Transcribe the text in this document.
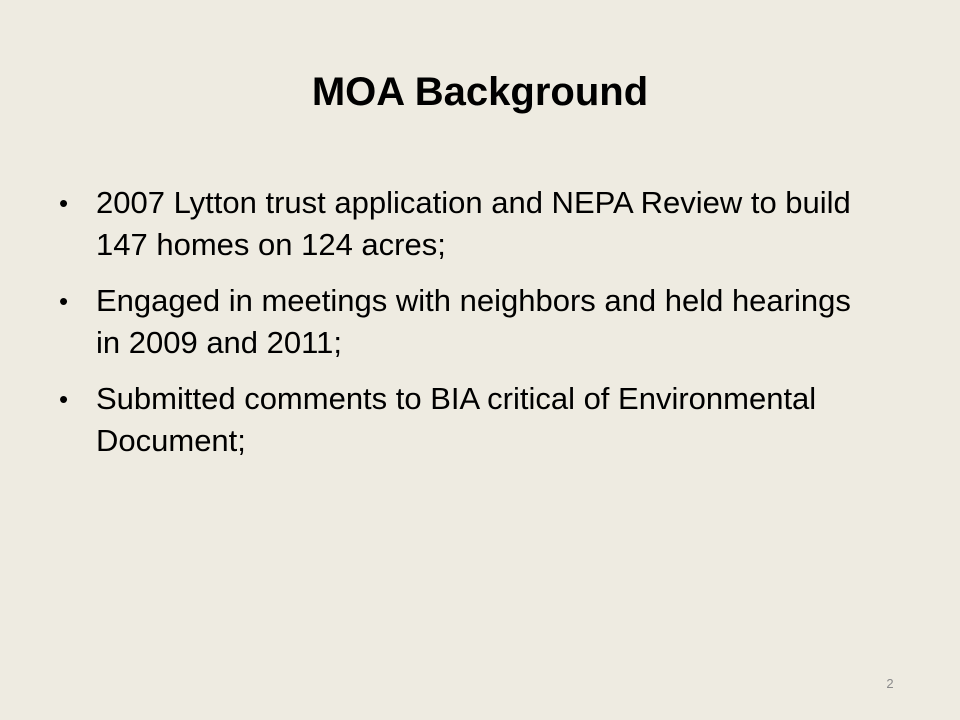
MOA Background
• 2007 Lytton trust application and NEPA Review to build 147 homes on 124 acres;
• Engaged in meetings with neighbors and held hearings in 2009 and 2011;
• Submitted comments to BIA critical of Environmental Document;
2
